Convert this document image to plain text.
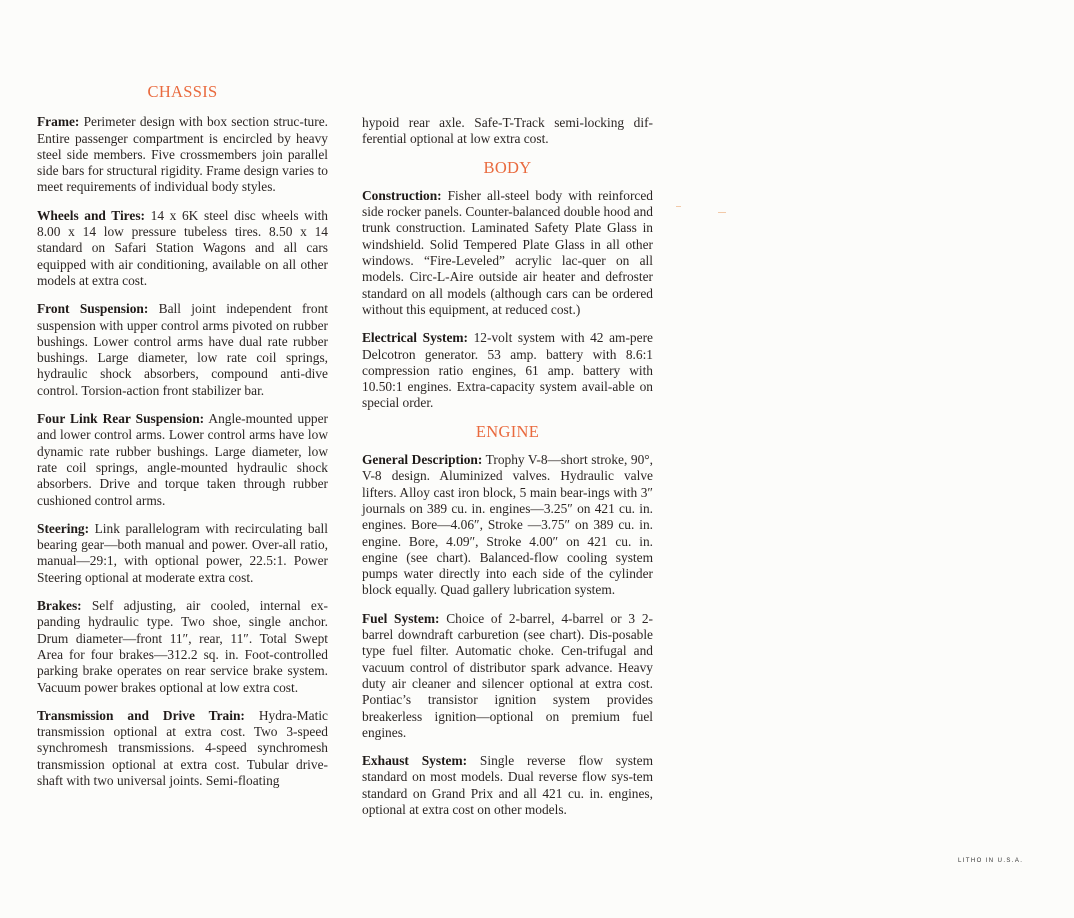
CHASSIS

Frame: Perimeter design with box section struc-ture. Entire passenger compartment is encircled by heavy steel side members. Five crossmembers join parallel side bars for structural rigidity. Frame design varies to meet requirements of individual body styles.

Wheels and Tires: 14 x 6K steel disc wheels with 8.00 x 14 low pressure tubeless tires. 8.50 x 14 standard on Safari Station Wagons and all cars equipped with air conditioning, available on all other models at extra cost.

Front Suspension: Ball joint independent front suspension with upper control arms pivoted on rubber bushings. Lower control arms have dual rate rubber bushings. Large diameter, low rate coil springs, hydraulic shock absorbers, compound anti-dive control. Torsion-action front stabilizer bar.

Four Link Rear Suspension: Angle-mounted upper and lower control arms. Lower control arms have low dynamic rate rubber bushings. Large diameter, low rate coil springs, angle-mounted hydraulic shock absorbers. Drive and torque taken through rubber cushioned control arms.

Steering: Link parallelogram with recirculating ball bearing gear—both manual and power. Over-all ratio, manual—29:1, with optional power, 22.5:1. Power Steering optional at moderate extra cost.

Brakes: Self adjusting, air cooled, internal ex-panding hydraulic type. Two shoe, single anchor. Drum diameter—front 11″, rear, 11″. Total Swept Area for four brakes—312.2 sq. in. Foot-controlled parking brake operates on rear service brake system. Vacuum power brakes optional at low extra cost.

Transmission and Drive Train: Hydra-Matic transmission optional at extra cost. Two 3-speed synchromesh transmissions. 4-speed synchromesh transmission optional at extra cost. Tubular drive-shaft with two universal joints. Semi-floating

hypoid rear axle. Safe-T-Track semi-locking dif-ferential optional at low extra cost.

BODY

Construction: Fisher all-steel body with reinforced side rocker panels. Counter-balanced double hood and trunk construction. Laminated Safety Plate Glass in windshield. Solid Tempered Plate Glass in all other windows. “Fire-Leveled” acrylic lac-quer on all models. Circ-L-Aire outside air heater and defroster standard on all models (although cars can be ordered without this equipment, at reduced cost.)

Electrical System: 12-volt system with 42 am-pere Delcotron generator. 53 amp. battery with 8.6:1 compression ratio engines, 61 amp. battery with 10.50:1 engines. Extra-capacity system avail-able on special order.

ENGINE

General Description: Trophy V-8—short stroke, 90°, V-8 design. Aluminized valves. Hydraulic valve lifters. Alloy cast iron block, 5 main bear-ings with 3″ journals on 389 cu. in. engines—3.25″ on 421 cu. in. engines. Bore—4.06″, Stroke —3.75″ on 389 cu. in. engine. Bore, 4.09″, Stroke 4.00″ on 421 cu. in. engine (see chart). Balanced-flow cooling system pumps water directly into each side of the cylinder block equally. Quad gallery lubrication system.

Fuel System: Choice of 2-barrel, 4-barrel or 3 2-barrel downdraft carburetion (see chart). Dis-posable type fuel filter. Automatic choke. Cen-trifugal and vacuum control of distributor spark advance. Heavy duty air cleaner and silencer optional at extra cost. Pontiac’s transistor ignition system provides breakerless ignition—optional on premium fuel engines.

Exhaust System: Single reverse flow system standard on most models. Dual reverse flow sys-tem standard on Grand Prix and all 421 cu. in. engines, optional at extra cost on other models.

LITHO IN U.S.A.
